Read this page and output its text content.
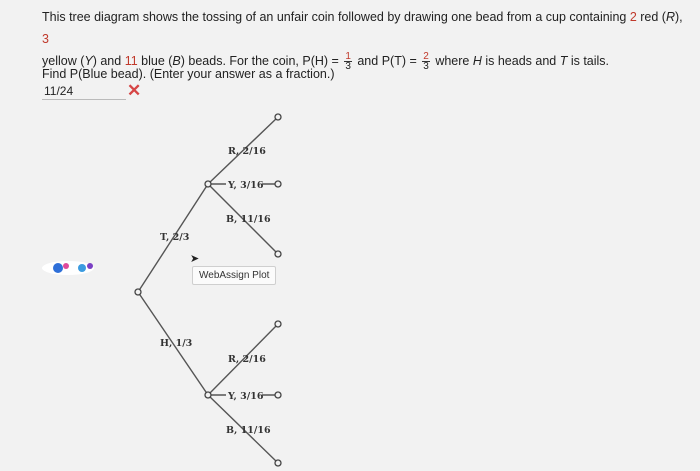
This tree diagram shows the tossing of an unfair coin followed by drawing one bead from a cup containing 2 red (R), 3
yellow (Y) and 11 blue (B) beads. For the coin, $P(H) = \frac{1}{3}$ and $P(T) = \frac{2}{3}$ where H is heads and T is tails.
Find P(Blue bead). (Enter your answer as a fraction.)
11/24	✕
T, 2/3
H, 1/3
R, 2/16
Y, 3/16
B, 11/16
R, 2/16
Y, 3/16
B, 11/16
➤
WebAssign Plot
